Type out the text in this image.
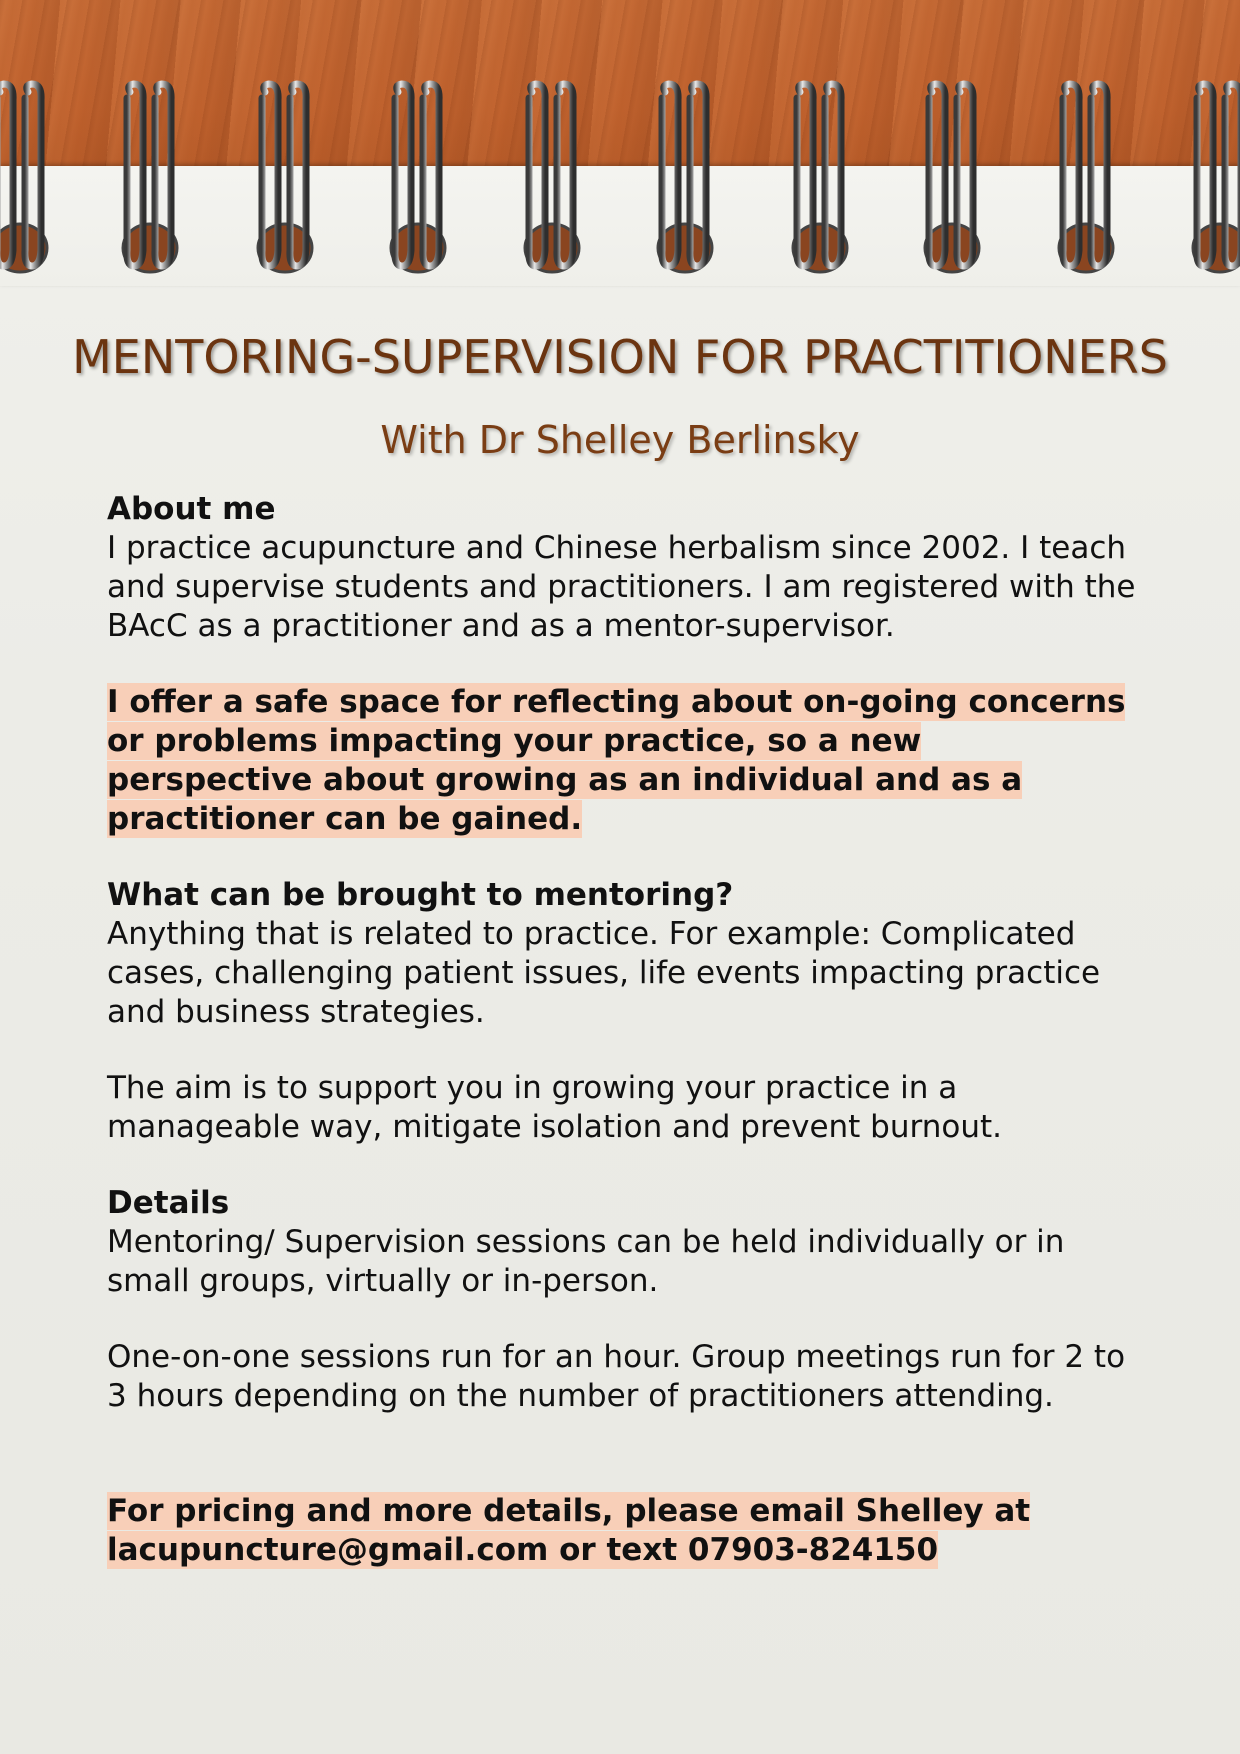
MENTORING-SUPERVISION FOR PRACTITIONERS
With Dr Shelley Berlinsky
About me
I practice acupuncture and Chinese herbalism since 2002. I teach and supervise students and practitioners. I am registered with the BAcC as a practitioner and as a mentor-supervisor.
I offer a safe space for reflecting about on-going concerns or problems impacting your practice, so a new perspective about growing as an individual and as a practitioner can be gained.
What can be brought to mentoring?
Anything that is related to practice. For example: Complicated cases, challenging patient issues, life events impacting practice and business strategies.
The aim is to support you in growing your practice in a manageable way, mitigate isolation and prevent burnout.
Details
Mentoring/ Supervision sessions can be held individually or in small groups, virtually or in-person.
One-on-one sessions run for an hour. Group meetings run for 2 to 3 hours depending on the number of practitioners attending.
For pricing and more details, please email Shelley at lacupuncture@gmail.com or text 07903-824150
